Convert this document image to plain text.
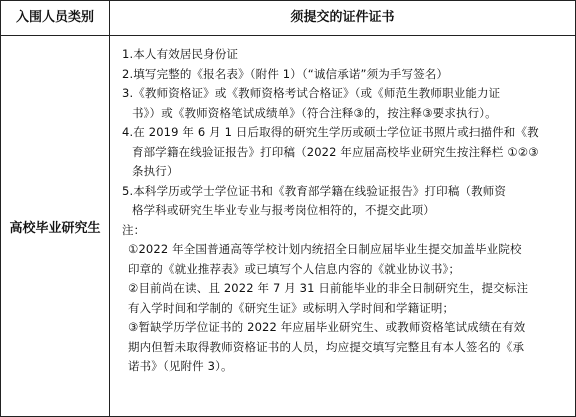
入围人员类别	须提交的证件证书
高校毕业研究生
1.本人有效居民身份证
2.填写完整的《报名表》（附件 1）（“诚信承诺”须为手写签名）
3.《教师资格证》或《教师资格考试合格证》（或《师范生教师职业能力证
书》）或《教师资格笔试成绩单》（符合注释③的，按注释③要求执行）。
4.在 2019 年 6 月 1 日后取得的研究生学历或硕士学位证书照片或扫描件和《教
育部学籍在线验证报告》打印稿（2022 年应届高校毕业研究生按注释栏 ①②③
条执行）
5.本科学历或学士学位证书和《教育部学籍在线验证报告》打印稿（教师资
格学科或研究生毕业专业与报考岗位相符的，不提交此项）
注：
①2022 年全国普通高等学校计划内统招全日制应届毕业生提交加盖毕业院校
印章的《就业推荐表》或已填写个人信息内容的《就业协议书》；
②目前尚在读、且 2022 年 7 月 31 日前能毕业的非全日制研究生，提交标注
有入学时间和学制的《研究生证》或标明入学时间和学籍证明；
③暂缺学历学位证书的 2022 年应届毕业研究生、或教师资格笔试成绩在有效
期内但暂未取得教师资格证书的人员，均应提交填写完整且有本人签名的《承
诺书》（见附件 3）。
